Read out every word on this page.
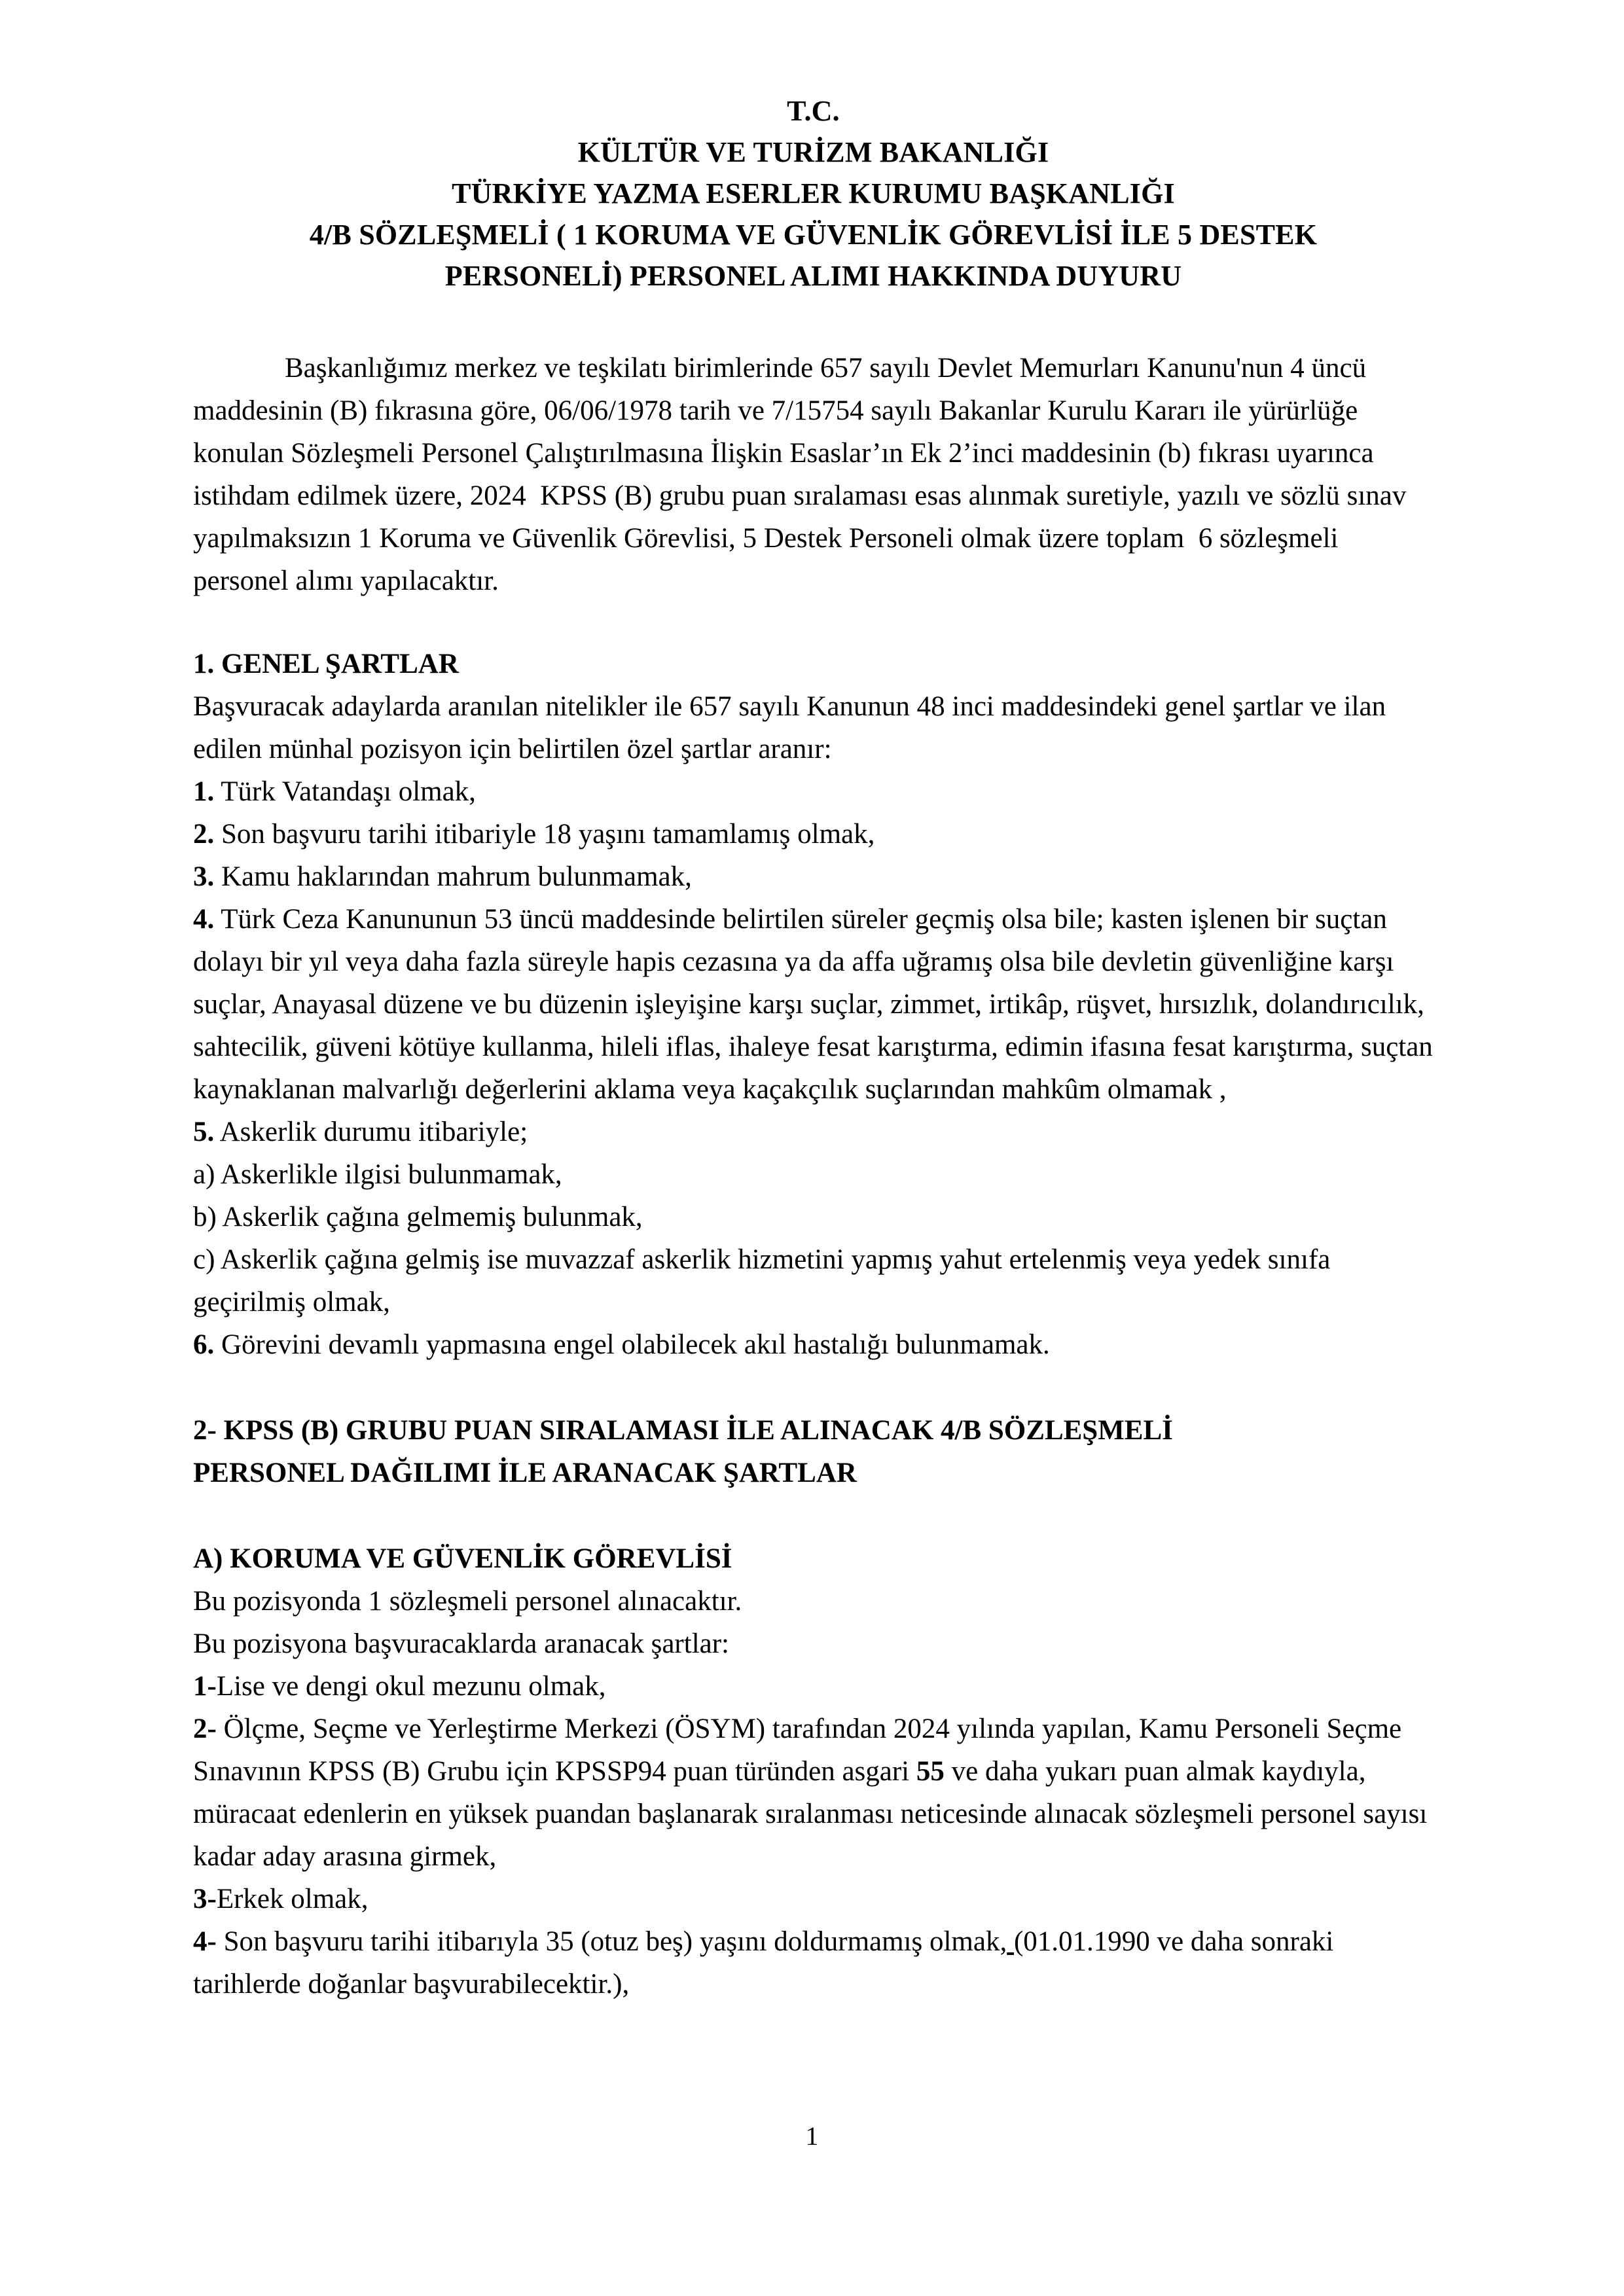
T.C.
KÜLTÜR VE TURİZM BAKANLIĞI
TÜRKİYE YAZMA ESERLER KURUMU BAŞKANLIĞI
4/B SÖZLEŞMELİ ( 1 KORUMA VE GÜVENLİK GÖREVLİSİ İLE 5 DESTEK
PERSONELİ) PERSONEL ALIMI HAKKINDA DUYURU

Başkanlığımız merkez ve teşkilatı birimlerinde 657 sayılı Devlet Memurları Kanunu'nun 4 üncü maddesinin (B) fıkrasına göre, 06/06/1978 tarih ve 7/15754 sayılı Bakanlar Kurulu Kararı ile yürürlüğe konulan Sözleşmeli Personel Çalıştırılmasına İlişkin Esaslar’ın Ek 2’inci maddesinin (b) fıkrası uyarınca istihdam edilmek üzere, 2024  KPSS (B) grubu puan sıralaması esas alınmak suretiyle, yazılı ve sözlü sınav yapılmaksızın 1 Koruma ve Güvenlik Görevlisi, 5 Destek Personeli olmak üzere toplam  6 sözleşmeli personel alımı yapılacaktır.

1. GENEL ŞARTLAR

Başvuracak adaylarda aranılan nitelikler ile 657 sayılı Kanunun 48 inci maddesindeki genel şartlar ve ilan edilen münhal pozisyon için belirtilen özel şartlar aranır:

1. Türk Vatandaşı olmak,

2. Son başvuru tarihi itibariyle 18 yaşını tamamlamış olmak,

3. Kamu haklarından mahrum bulunmamak,

4. Türk Ceza Kanununun 53 üncü maddesinde belirtilen süreler geçmiş olsa bile; kasten işlenen bir suçtan dolayı bir yıl veya daha fazla süreyle hapis cezasına ya da affa uğramış olsa bile devletin güvenliğine karşı suçlar, Anayasal düzene ve bu düzenin işleyişine karşı suçlar, zimmet, irtikâp, rüşvet, hırsızlık, dolandırıcılık, sahtecilik, güveni kötüye kullanma, hileli iflas, ihaleye fesat karıştırma, edimin ifasına fesat karıştırma, suçtan kaynaklanan malvarlığı değerlerini aklama veya kaçakçılık suçlarından mahkûm olmamak ,

5. Askerlik durumu itibariyle;

a) Askerlikle ilgisi bulunmamak,

b) Askerlik çağına gelmemiş bulunmak,

c) Askerlik çağına gelmiş ise muvazzaf askerlik hizmetini yapmış yahut ertelenmiş veya yedek sınıfa geçirilmiş olmak,

6. Görevini devamlı yapmasına engel olabilecek akıl hastalığı bulunmamak.

2- KPSS (B) GRUBU PUAN SIRALAMASI İLE ALINACAK 4/B SÖZLEŞMELİ
PERSONEL DAĞILIMI İLE ARANACAK ŞARTLAR
A) KORUMA VE GÜVENLİK GÖREVLİSİ

Bu pozisyonda 1 sözleşmeli personel alınacaktır.

Bu pozisyona başvuracaklarda aranacak şartlar:

1-Lise ve dengi okul mezunu olmak,

2- Ölçme, Seçme ve Yerleştirme Merkezi (ÖSYM) tarafından 2024 yılında yapılan, Kamu Personeli Seçme Sınavının KPSS (B) Grubu için KPSSP94 puan türünden asgari 55 ve daha yukarı puan almak kaydıyla, müracaat edenlerin en yüksek puandan başlanarak sıralanması neticesinde alınacak sözleşmeli personel sayısı kadar aday arasına girmek,

3-Erkek olmak,

4- Son başvuru tarihi itibarıyla 35 (otuz beş) yaşını doldurmamış olmak, (01.01.1990 ve daha sonraki tarihlerde doğanlar başvurabilecektir.),

1
